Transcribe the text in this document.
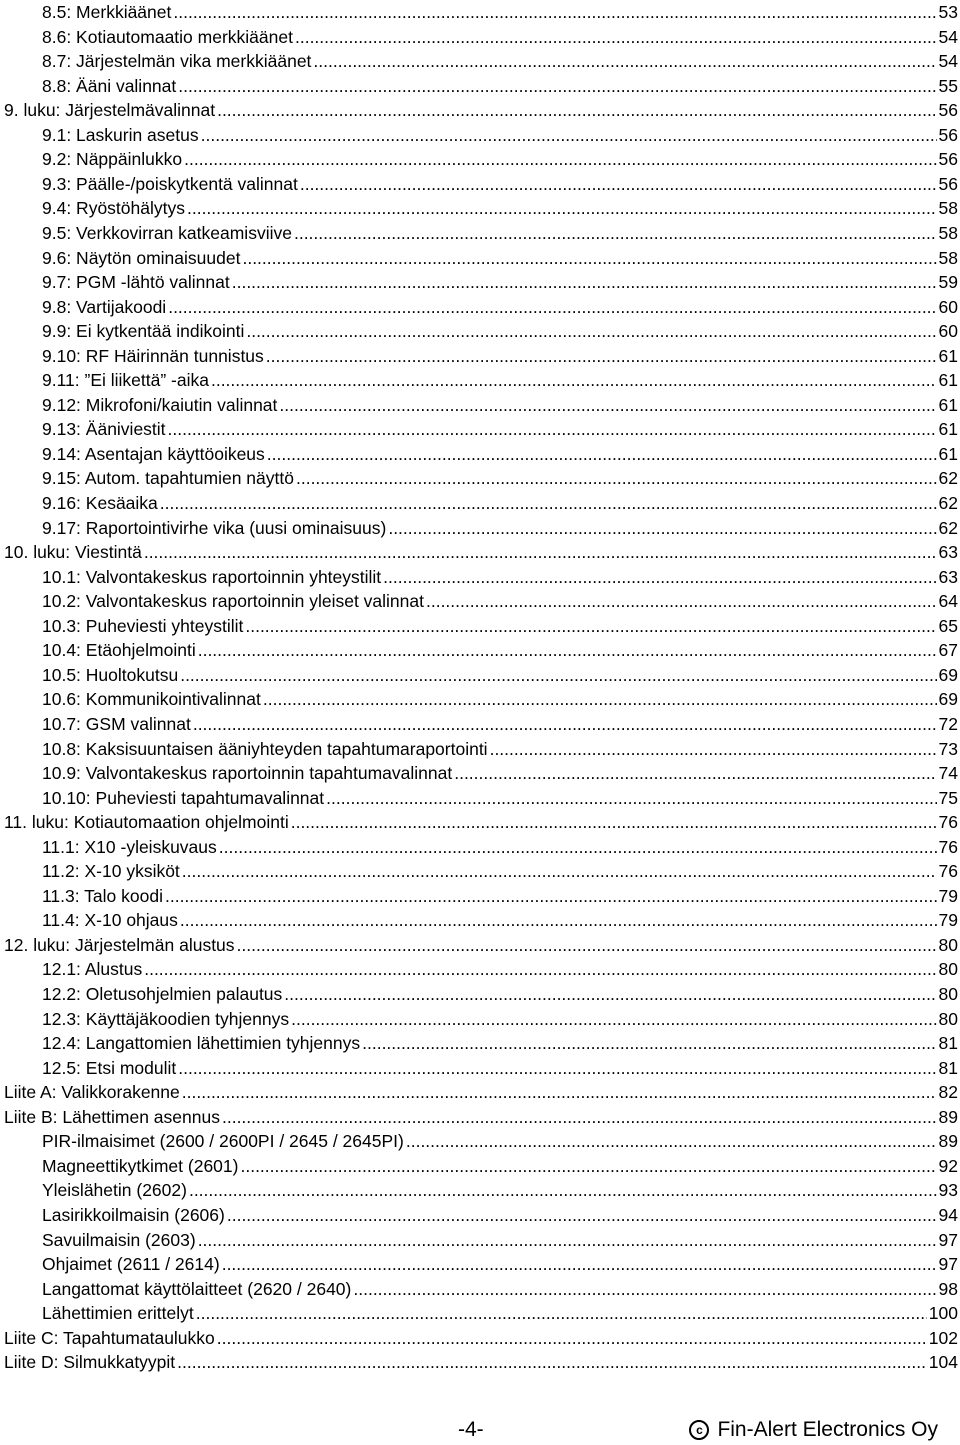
8.5: Merkkiäänet .....	53
8.6: Kotiautomaatio merkkiäänet .....	54
8.7: Järjestelmän vika merkkiäänet .....	54
8.8: Ääni valinnat .....	55
9. luku: Järjestelmävalinnat .....	56
9.1: Laskurin asetus .....	56
9.2: Näppäinlukko .....	56
9.3: Päälle-/poiskytkentä valinnat .....	56
9.4: Ryöstöhälytys .....	58
9.5: Verkkovirran katkeamisviive .....	58
9.6: Näytön ominaisuudet .....	58
9.7: PGM -lähtö valinnat .....	59
9.8: Vartijakoodi .....	60
9.9: Ei kytkentää indikointi .....	60
9.10: RF Häirinnän tunnistus .....	61
9.11: ”Ei liikettä” -aika .....	61
9.12: Mikrofoni/kaiutin valinnat .....	61
9.13: Ääniviestit .....	61
9.14: Asentajan käyttöoikeus .....	61
9.15: Autom. tapahtumien näyttö .....	62
9.16: Kesäaika .....	62
9.17: Raportointivirhe vika (uusi ominaisuus) .....	62
10. luku: Viestintä .....	63
10.1: Valvontakeskus raportoinnin yhteystilit .....	63
10.2: Valvontakeskus raportoinnin yleiset valinnat .....	64
10.3: Puheviesti yhteystilit .....	65
10.4: Etäohjelmointi .....	67
10.5: Huoltokutsu .....	69
10.6: Kommunikointivalinnat .....	69
10.7: GSM valinnat .....	72
10.8: Kaksisuuntaisen ääniyhteyden tapahtumaraportointi .....	73
10.9: Valvontakeskus raportoinnin tapahtumavalinnat .....	74
10.10: Puheviesti tapahtumavalinnat .....	75
11. luku: Kotiautomaation ohjelmointi .....	76
11.1: X10 -yleiskuvaus .....	76
11.2: X-10 yksiköt .....	76
11.3: Talo koodi .....	79
11.4: X-10 ohjaus .....	79
12. luku: Järjestelmän alustus .....	80
12.1: Alustus .....	80
12.2: Oletusohjelmien palautus .....	80
12.3: Käyttäjäkoodien tyhjennys .....	80
12.4: Langattomien lähettimien tyhjennys .....	81
12.5: Etsi modulit .....	81
Liite A: Valikkorakenne .....	82
Liite B: Lähettimen asennus .....	89
PIR-ilmaisimet (2600 / 2600PI / 2645 / 2645PI) .....	89
Magneettikytkimet (2601) .....	92
Yleislähetin (2602) .....	93
Lasirikkoilmaisin (2606) .....	94
Savuilmaisin (2603) .....	97
Ohjaimet (2611 / 2614) .....	97
Langattomat käyttölaitteet (2620 / 2640) .....	98
Lähettimien erittelyt .....	100
Liite C: Tapahtumataulukko .....	102
Liite D: Silmukkatyypit .....	104
-4-	c Fin-Alert Electronics Oy
